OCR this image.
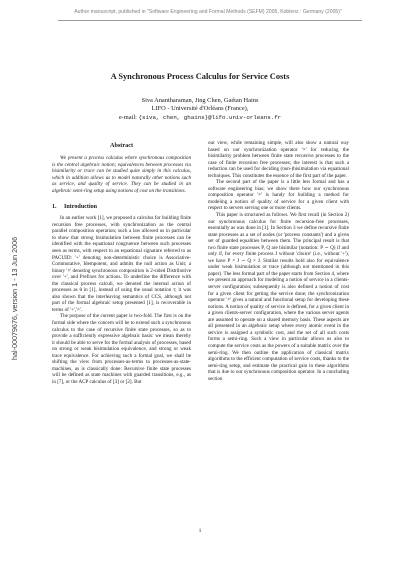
Author manuscript, published in "Software Engineering and Formal Methods (SEFM) 2005, Koblenz : Germany (2005)"
hal-00079676, version 1 - 13 Jun 2006
A Synchronous Process Calculus for Service Costs
Siva Anantharaman, Jing Chen, Gaétan Hains
LIFO - Université d'Orléans (France),
e-mail: {siva, chen, ghains}@lifo.univ-orleans.fr
Abstract

We present a process calculus where synchronous composition is the central algebraic notion; equivalences between processes via bisimilarity or trace can be studied quite simply in this calculus, which in addition allows us to model naturally other notions such as service, and quality of service. They can be studied in an algebraic semi-ring setup using notions of cost on the transitions.

1. Introduction

In an earlier work [1], we proposed a calculus for building finite recursion free processes, with synchronization as the central parallel composition operation; such a law allowed us in particular to show that strong bisimulation between finite processes can be identified with the equational congruence between such processes seen as terms, with respect to an equational signature referred to as PACUID: '+' denoting non-deterministic choice is Associative-Commutative, Idempotent, and admits the null action as Unit; a binary '×' denoting synchronous composition is 2-sided Distributive over '+', and Prefixes for actions. To underline the difference with the classical process calculi, we denoted the internal action of processes as θ in [1], instead of using the usual notation τ; it was also shown that the interleaving semantics of CCS, although not part of the formal algebraic setup presented [1], is recoverable in terms of '+','×'.

The purpose of the current paper is two-fold. The first is on the formal side where the concern will be to extend such a synchronous calculus to the case of recursive finite state processes, so as to provide a sufficiently expressive algebraic basis: we mean thereby it should be able to serve for the formal analysis of processes, based on strong or weak bisimulation equivalence, and strong or weak trace equivalence. For achieving such a formal goal, we shall be shifting the view from processes-as-terms to processes-as-state-machines, as is classically done: Recursive finite state processes will be defined as state machines with guarded transitions, e.g., as in [7], or the ACP calculus of [3] or [2]. But

our view, while remaining simple, will also show a natural way based on our synchronization operator '×' for reducing the bisimilarity problem between finite state recursive processes to the case of finite recursion free processes; the interest is that such a reduction can be used for deciding (non-)bisimulation via equational techniques. This constitutes the essence of the first part of the paper.

The second part of the paper is a little less formal and has a software engineering bias; we show there how our synchronous composition operator '×' is handy for building a method for modeling a notion of quality of service for a given client with respect to servers serving one or more clients.

This paper is structured as follows. We first recall (in Section 2) our synchronous calculus for finite recursion-free processes, essentially as was done in [1]. In Section 3 we define recursive finite state processes as a set of nodes (or 'process constants') and a given set of guarded equalities between them. The principal result is that two finite state processes P, Q are bisimilar (notation: P ∼ Q) if and only if, for every finite process J without 'choice' (i.e., without '+'), we have P × J ∼ Q × J. Similar results hold also for equivalence under weak bisimulation or trace (although not mentioned in this paper). The less formal part of the paper starts from Section 4, where we present an approach for modeling a notion of service in a clients-server configuration; subsequently is also defined a notion of cost for a given client for getting the service done; the synchronization operator '×' gives a natural and functional setup for developing these notions. A notion of quality of service is defined, for a given client in a given clients-server configuration, where the various server agents are assumed to operate on a shared memory basis. These aspects are all presented in an algebraic setup where every atomic event in the service is assigned a symbolic cost, and the set of all such costs forms a semi-ring. Such a view in particular allows us also to compute the service costs as the powers of a suitable matrix over the semi-ring. We then outline the application of classical matrix algorithms to the efficient computation of service costs, thanks to the semi-ring setup, and estimate the practical gain in these algorithms that is due to our synchronous composition operator. In a concluding section

1
